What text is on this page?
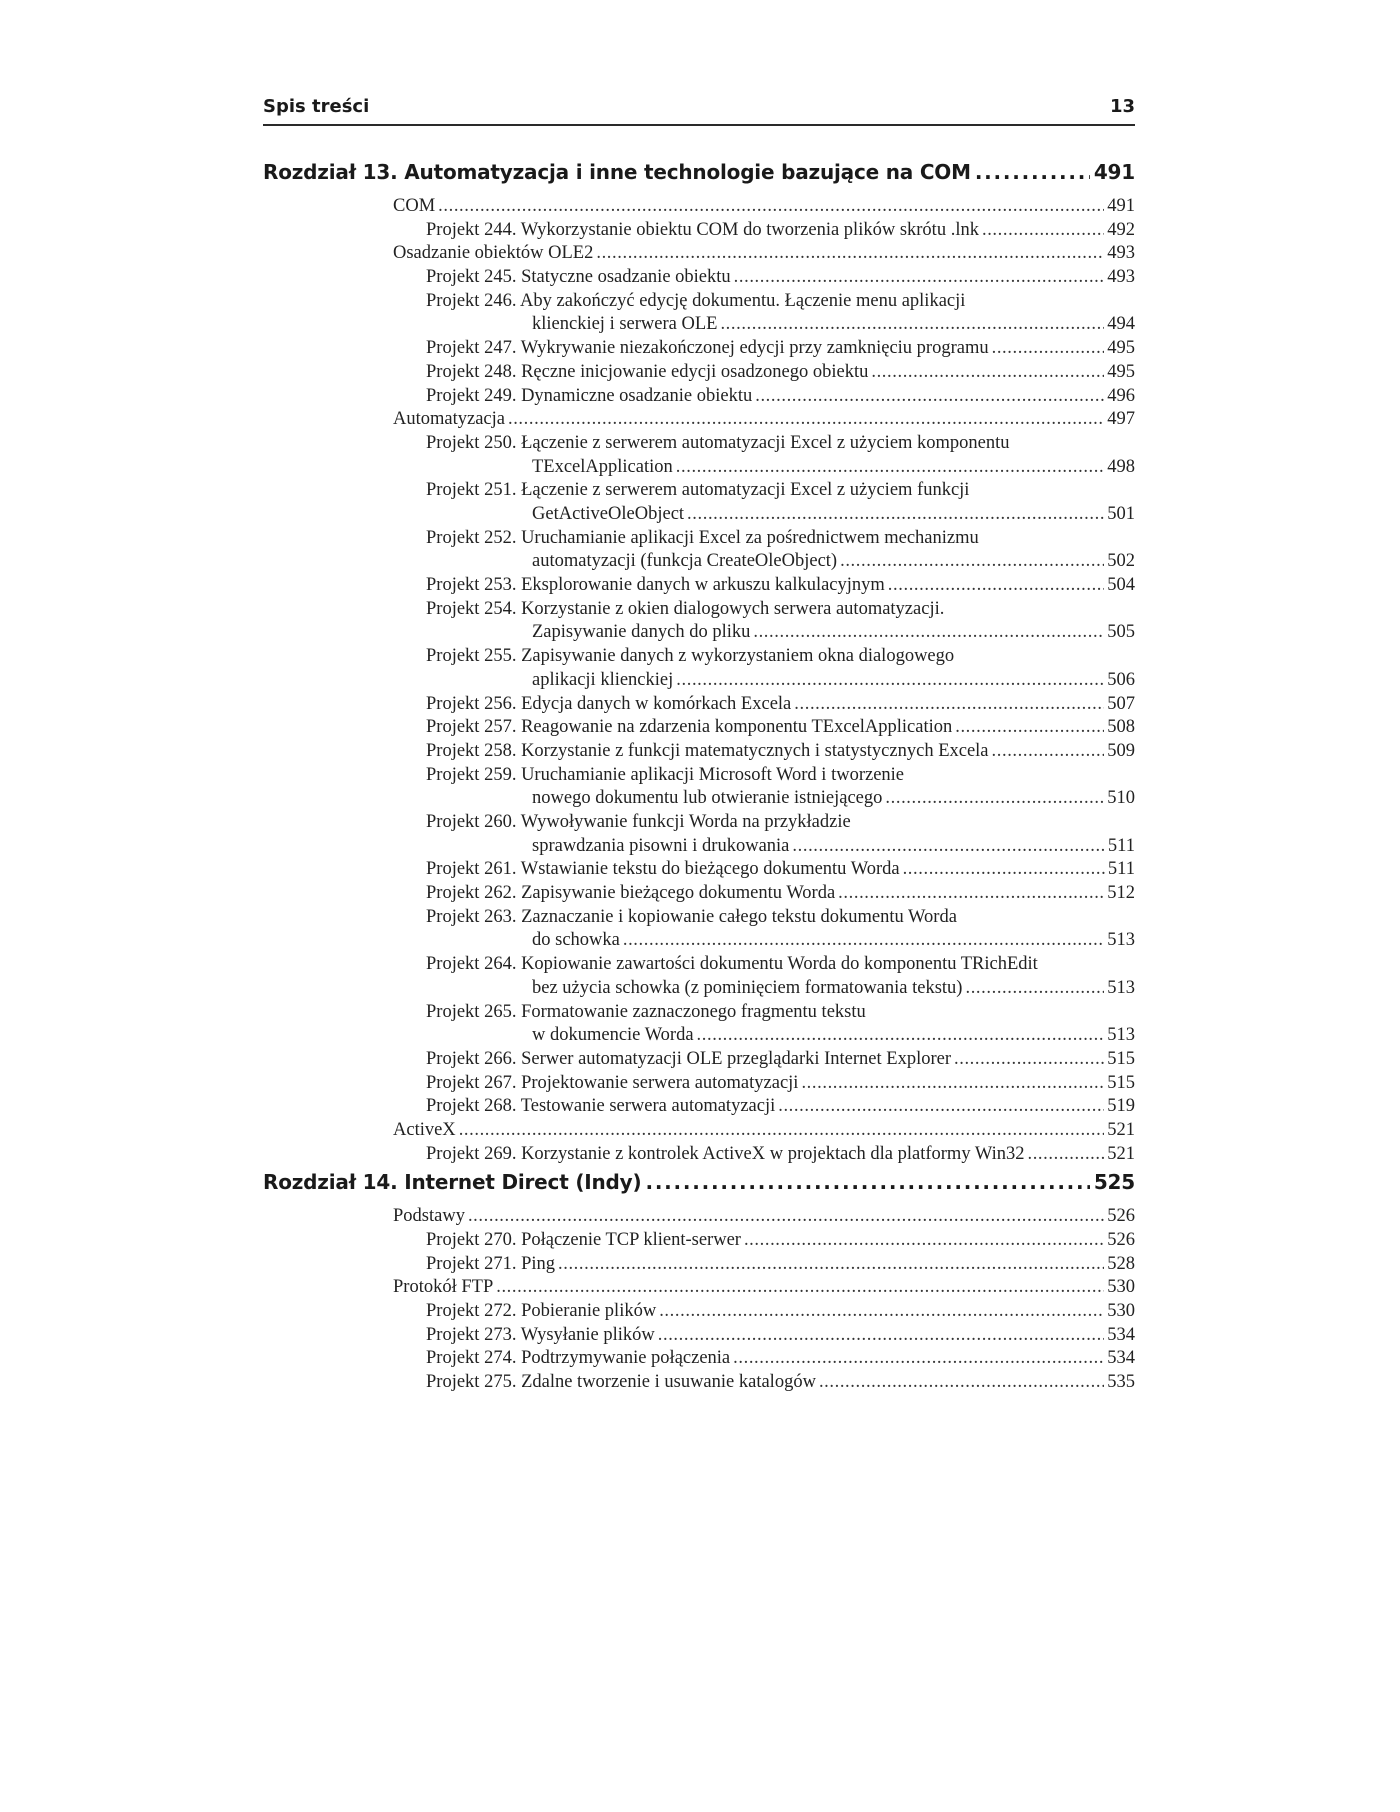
Spis treści	13
Rozdział 13. Automatyzacja i inne technologie bazujące na COM . . .	491
COM .....	491
Projekt 244. Wykorzystanie obiektu COM do tworzenia plików skrótu .lnk .....	492
Osadzanie obiektów OLE2 .....	493
Projekt 245. Statyczne osadzanie obiektu .....	493
Projekt 246. Aby zakończyć edycję dokumentu. Łączenie menu aplikacji
klienckiej i serwera OLE .....	494
Projekt 247. Wykrywanie niezakończonej edycji przy zamknięciu programu .....	495
Projekt 248. Ręczne inicjowanie edycji osadzonego obiektu .....	495
Projekt 249. Dynamiczne osadzanie obiektu .....	496
Automatyzacja .....	497
Projekt 250. Łączenie z serwerem automatyzacji Excel z użyciem komponentu
TExcelApplication .....	498
Projekt 251. Łączenie z serwerem automatyzacji Excel z użyciem funkcji
GetActiveOleObject .....	501
Projekt 252. Uruchamianie aplikacji Excel za pośrednictwem mechanizmu
automatyzacji (funkcja CreateOleObject) .....	502
Projekt 253. Eksplorowanie danych w arkuszu kalkulacyjnym .....	504
Projekt 254. Korzystanie z okien dialogowych serwera automatyzacji.
Zapisywanie danych do pliku .....	505
Projekt 255. Zapisywanie danych z wykorzystaniem okna dialogowego
aplikacji klienckiej .....	506
Projekt 256. Edycja danych w komórkach Excela .....	507
Projekt 257. Reagowanie na zdarzenia komponentu TExcelApplication .....	508
Projekt 258. Korzystanie z funkcji matematycznych i statystycznych Excela .....	509
Projekt 259. Uruchamianie aplikacji Microsoft Word i tworzenie
nowego dokumentu lub otwieranie istniejącego .....	510
Projekt 260. Wywoływanie funkcji Worda na przykładzie
sprawdzania pisowni i drukowania .....	511
Projekt 261. Wstawianie tekstu do bieżącego dokumentu Worda .....	511
Projekt 262. Zapisywanie bieżącego dokumentu Worda .....	512
Projekt 263. Zaznaczanie i kopiowanie całego tekstu dokumentu Worda
do schowka .....	513
Projekt 264. Kopiowanie zawartości dokumentu Worda do komponentu TRichEdit
bez użycia schowka (z pominięciem formatowania tekstu) .....	513
Projekt 265. Formatowanie zaznaczonego fragmentu tekstu
w dokumencie Worda .....	513
Projekt 266. Serwer automatyzacji OLE przeglądarki Internet Explorer .....	515
Projekt 267. Projektowanie serwera automatyzacji .....	515
Projekt 268. Testowanie serwera automatyzacji .....	519
ActiveX .....	521
Projekt 269. Korzystanie z kontrolek ActiveX w projektach dla platformy Win32 .....	521
Rozdział 14. Internet Direct (Indy) . . .	525
Podstawy .....	526
Projekt 270. Połączenie TCP klient-serwer .....	526
Projekt 271. Ping .....	528
Protokół FTP .....	530
Projekt 272. Pobieranie plików .....	530
Projekt 273. Wysyłanie plików .....	534
Projekt 274. Podtrzymywanie połączenia .....	534
Projekt 275. Zdalne tworzenie i usuwanie katalogów .....	535
